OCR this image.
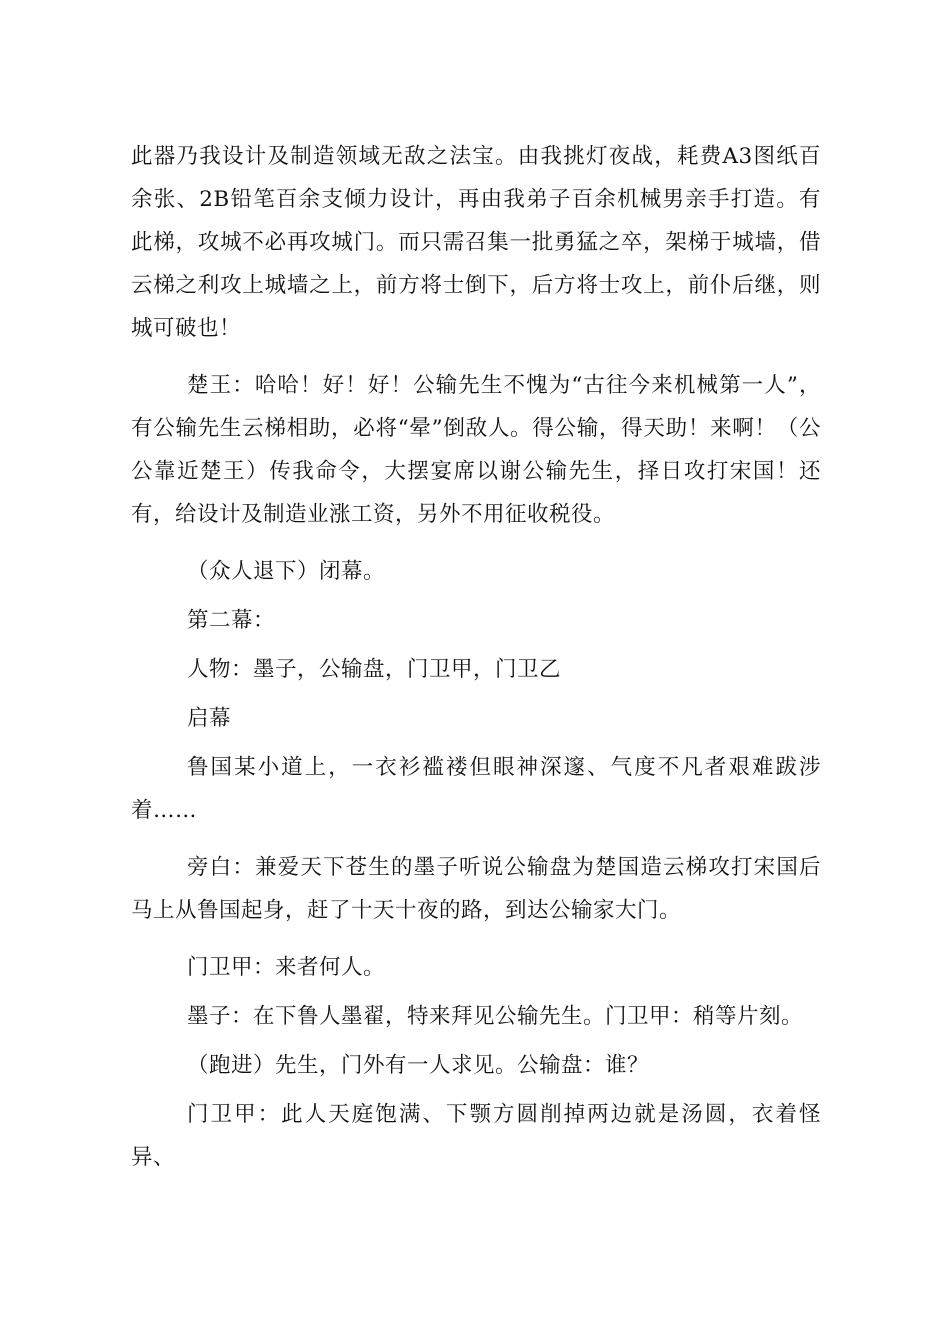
此器乃我设计及制造领域无敌之法宝。由我挑灯夜战，耗费A3图纸百余张、2B铅笔百余支倾力设计，再由我弟子百余机械男亲手打造。有此梯，攻城不必再攻城门。而只需召集一批勇猛之卒，架梯于城墙，借云梯之利攻上城墙之上，前方将士倒下，后方将士攻上，前仆后继，则城可破也！

楚王：哈哈！好！好！公输先生不愧为“古往今来机械第一人”，有公输先生云梯相助，必将“晕”倒敌人。得公输，得天助！来啊！（公公靠近楚王）传我命令，大摆宴席以谢公输先生，择日攻打宋国！还有，给设计及制造业涨工资，另外不用征收税役。

（众人退下）闭幕。

第二幕：

人物：墨子，公输盘，门卫甲，门卫乙

启幕

鲁国某小道上，一衣衫褴褛但眼神深邃、气度不凡者艰难跋涉着……

旁白：兼爱天下苍生的墨子听说公输盘为楚国造云梯攻打宋国后马上从鲁国起身，赶了十天十夜的路，到达公输家大门。

门卫甲：来者何人。

墨子：在下鲁人墨翟，特来拜见公输先生。门卫甲：稍等片刻。

（跑进）先生，门外有一人求见。公输盘：谁？

门卫甲：此人天庭饱满、下颚方圆削掉两边就是汤圆，衣着怪异、
